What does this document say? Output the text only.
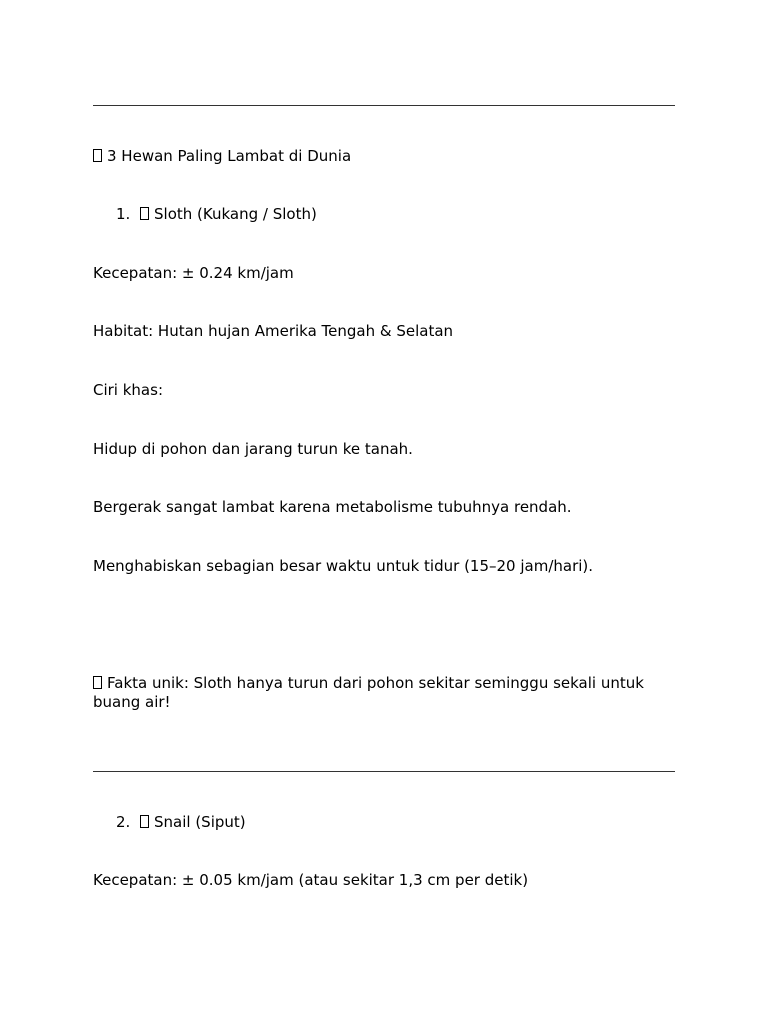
3 Hewan Paling Lambat di Dunia
1. Sloth (Kukang / Sloth)
Kecepatan: ± 0.24 km/jam
Habitat: Hutan hujan Amerika Tengah & Selatan
Ciri khas:
Hidup di pohon dan jarang turun ke tanah.
Bergerak sangat lambat karena metabolisme tubuhnya rendah.
Menghabiskan sebagian besar waktu untuk tidur (15–20 jam/hari).
Fakta unik: Sloth hanya turun dari pohon sekitar seminggu sekali untuk buang air!
2. Snail (Siput)
Kecepatan: ± 0.05 km/jam (atau sekitar 1,3 cm per detik)
